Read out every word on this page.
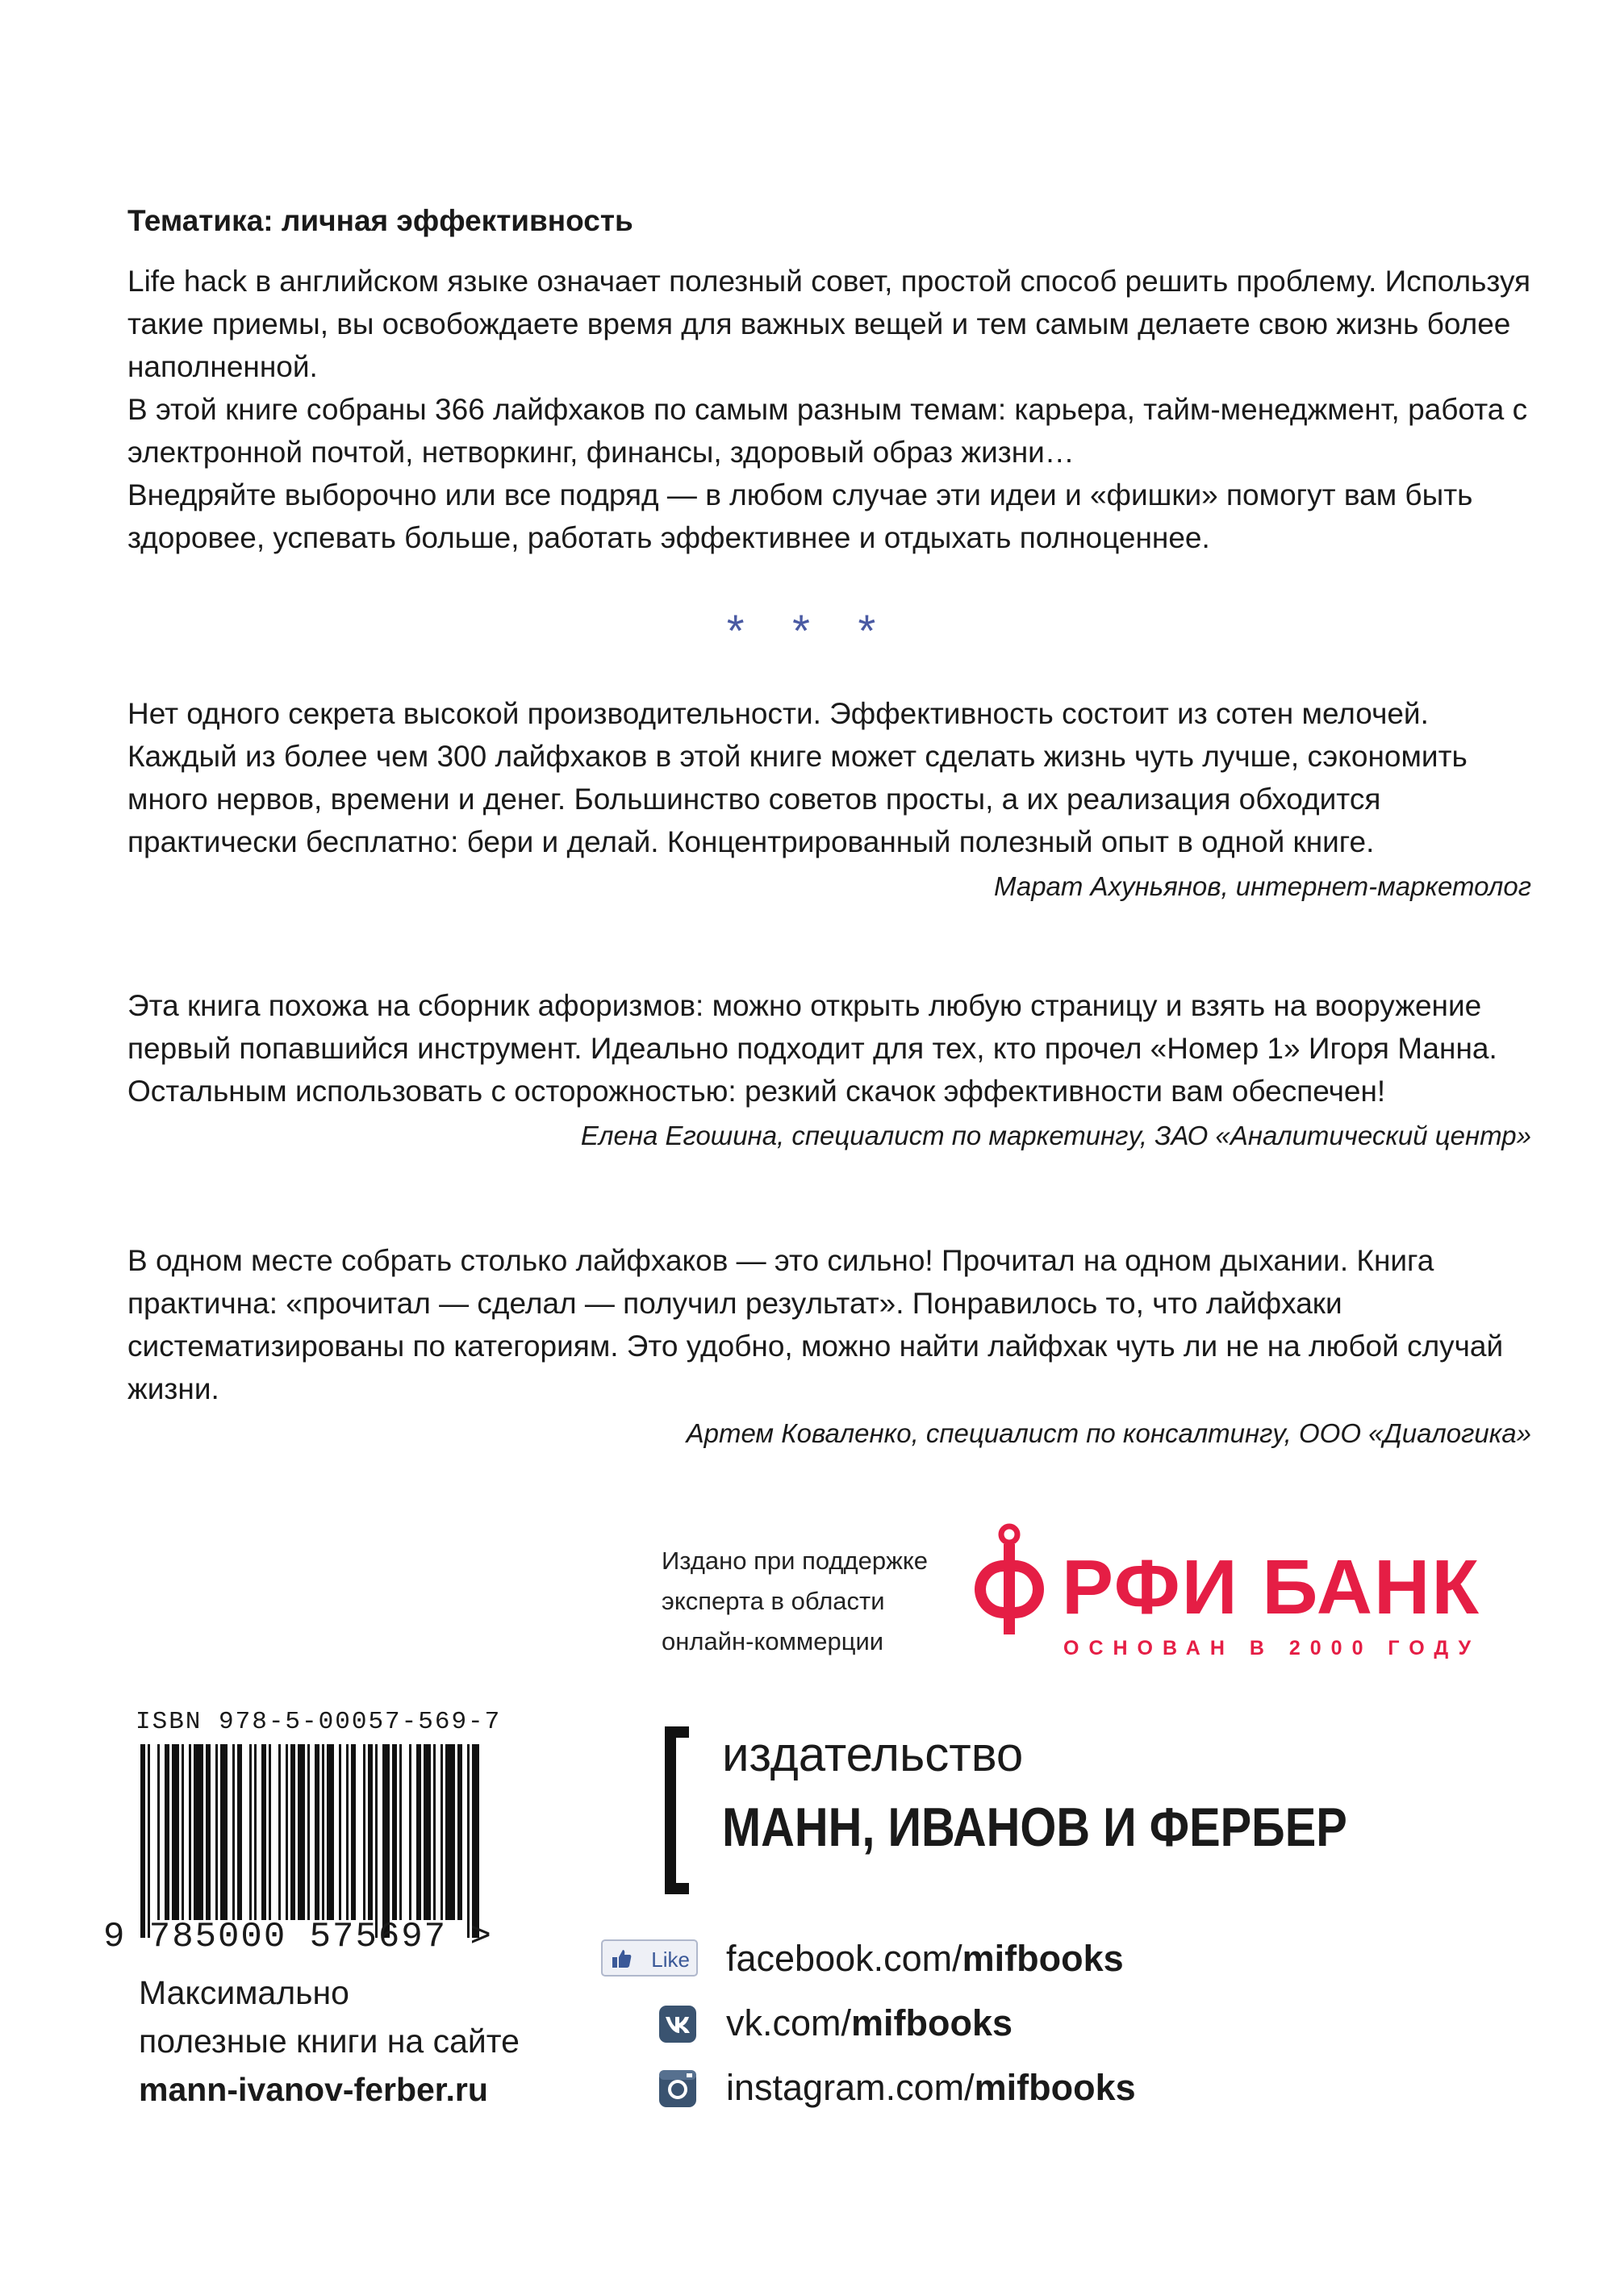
Тематика: личная эффективность

Life hack в английском языке означает полезный совет, простой способ решить проблему. Используя такие приемы, вы освобождаете время для важных вещей и тем самым делаете свою жизнь более наполненной.

В этой книге собраны 366 лайфхаков по самым разным темам: карьера, тайм-менеджмент, работа с электронной почтой, нетворкинг, финансы, здоровый образ жизни…

Внедряйте выборочно или все подряд — в любом случае эти идеи и «фишки» помогут вам быть здоровее, успевать больше, работать эффективнее и отдыхать полноценнее.

* * *

Нет одного секрета высокой производительности. Эффективность состоит из сотен мелочей. Каждый из более чем 300 лайфхаков в этой книге может сделать жизнь чуть лучше, сэкономить много нервов, времени и денег. Большинство советов просты, а их реализация обходится практически бесплатно: бери и делай. Концентрированный полезный опыт в одной книге.

Марат Ахуньянов, интернет-маркетолог

Эта книга похожа на сборник афоризмов: можно открыть любую страницу и взять на вооружение первый попавшийся инструмент. Идеально подходит для тех, кто прочел «Номер 1» Игоря Манна. Остальным использовать с осторожностью: резкий скачок эффективности вам обеспечен!

Елена Егошина, специалист по маркетингу, ЗАО «Аналитический центр»

В одном месте собрать столько лайфхаков — это сильно! Прочитал на одном дыхании. Книга практична: «прочитал — сделал — получил результат». Понравилось то, что лайфхаки систематизированы по категориям. Это удобно, можно найти лайфхак чуть ли не на любой случай жизни.

Артем Коваленко, специалист по консалтингу, ООО «Диалогика»
Издано при поддержке
эксперта в области
онлайн-коммерции
РФИ БАНК
ОСНОВАН В 2000 ГОДУ
ISBN 978-5-00057-569-7
9 785000 575697 >
Максимально
полезные книги на сайте
mann-ivanov-ferber.ru
издательство
МАНН, ИВАНОВ И ФЕРБЕР
Like facebook.com/mifbooks
vk.com/mifbooks
instagram.com/mifbooks
